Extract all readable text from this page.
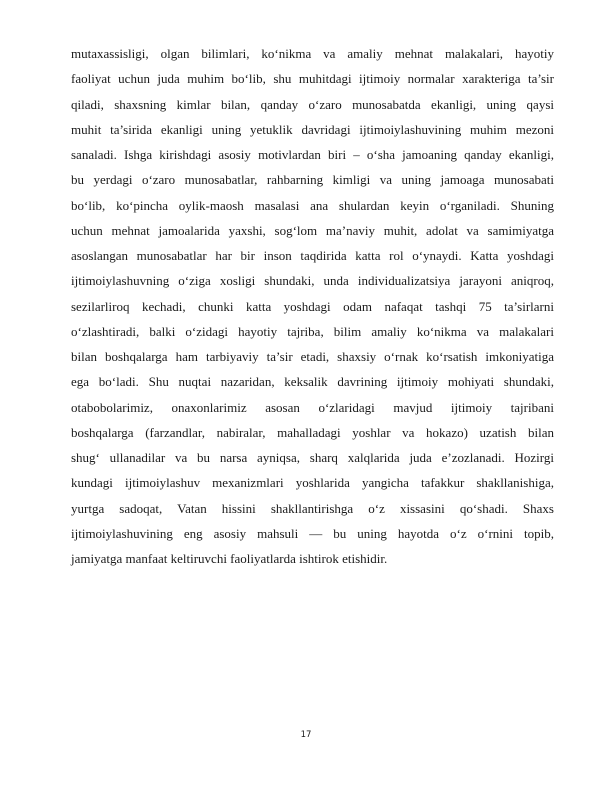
mutaxassisligi, olgan bilimlari, ko‘nikma va amaliy mehnat malakalari, hayotiy
faoliyat uchun juda muhim bo‘lib, shu muhitdagi ijtimoiy normalar xarakteriga ta’sir
qiladi, shaxsning kimlar bilan, qanday o‘zaro munosabatda ekanligi, uning qaysi
muhit ta’sirida ekanligi uning yetuklik davridagi ijtimoiylashuvining muhim mezoni
sanaladi. Ishga kirishdagi asosiy motivlardan biri – o‘sha jamoaning qanday ekanligi,
bu yerdagi o‘zaro munosabatlar, rahbarning kimligi va uning jamoaga munosabati
bo‘lib, ko‘pincha oylik-maosh masalasi ana shulardan keyin o‘rganiladi. Shuning
uchun mehnat jamoalarida yaxshi, sog‘lom ma’naviy muhit, adolat va samimiyatga
asoslangan munosabatlar har bir inson taqdirida katta rol o‘ynaydi. Katta yoshdagi
ijtimoiylashuvning o‘ziga xosligi shundaki, unda individualizatsiya jarayoni aniqroq,
sezilarliroq kechadi, chunki katta yoshdagi odam nafaqat tashqi 75 ta’sirlarni
o‘zlashtiradi, balki o‘zidagi hayotiy tajriba, bilim amaliy ko‘nikma va malakalari
bilan boshqalarga ham tarbiyaviy ta’sir etadi, shaxsiy o‘rnak ko‘rsatish imkoniyatiga
ega bo‘ladi. Shu nuqtai nazaridan, keksalik davrining ijtimoiy mohiyati shundaki,
otabobolarimiz, onaxonlarimiz asosan o‘zlaridagi mavjud ijtimoiy tajribani
boshqalarga (farzandlar, nabiralar, mahalladagi yoshlar va hokazo) uzatish bilan
shug‘ ullanadilar va bu narsa ayniqsa, sharq xalqlarida juda e’zozlanadi. Hozirgi
kundagi ijtimoiylashuv mexanizmlari yoshlarida yangicha tafakkur shakllanishiga,
yurtga sadoqat, Vatan hissini shakllantirishga o‘z xissasini qo‘shadi. Shaxs
ijtimoiylashuvining eng asosiy mahsuli — bu uning hayotda o‘z o‘rnini topib,
jamiyatga manfaat keltiruvchi faoliyatlarda ishtirok etishidir.
17
